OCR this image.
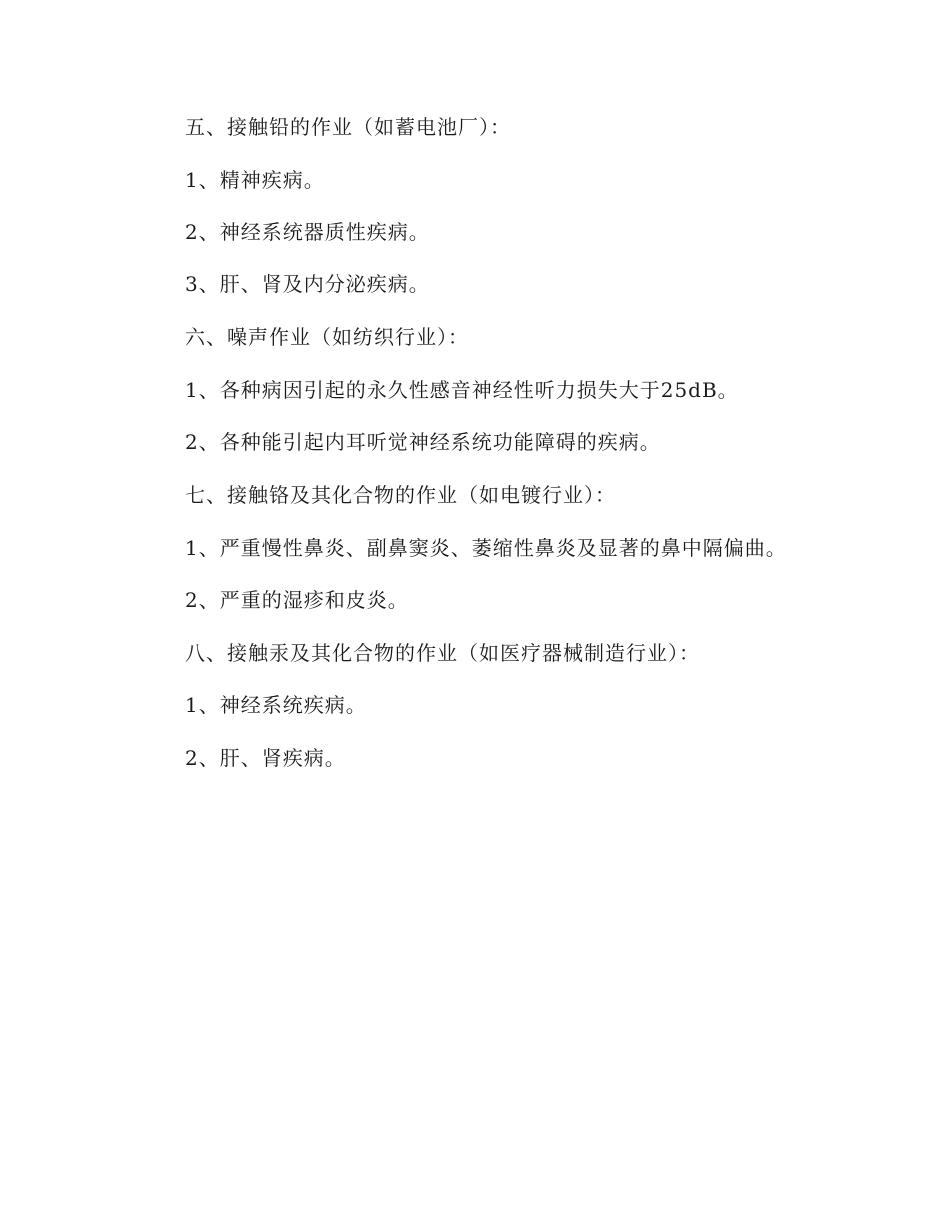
五、接触铅的作业（如蓄电池厂）：
1、精神疾病。
2、神经系统器质性疾病。
3、肝、肾及内分泌疾病。
六、噪声作业（如纺织行业）：
1、各种病因引起的永久性感音神经性听力损失大于25dB。
2、各种能引起内耳听觉神经系统功能障碍的疾病。
七、接触铬及其化合物的作业（如电镀行业）：
1、严重慢性鼻炎、副鼻窦炎、萎缩性鼻炎及显著的鼻中隔偏曲。
2、严重的湿疹和皮炎。
八、接触汞及其化合物的作业（如医疗器械制造行业）：
1、神经系统疾病。
2、肝、肾疾病。
